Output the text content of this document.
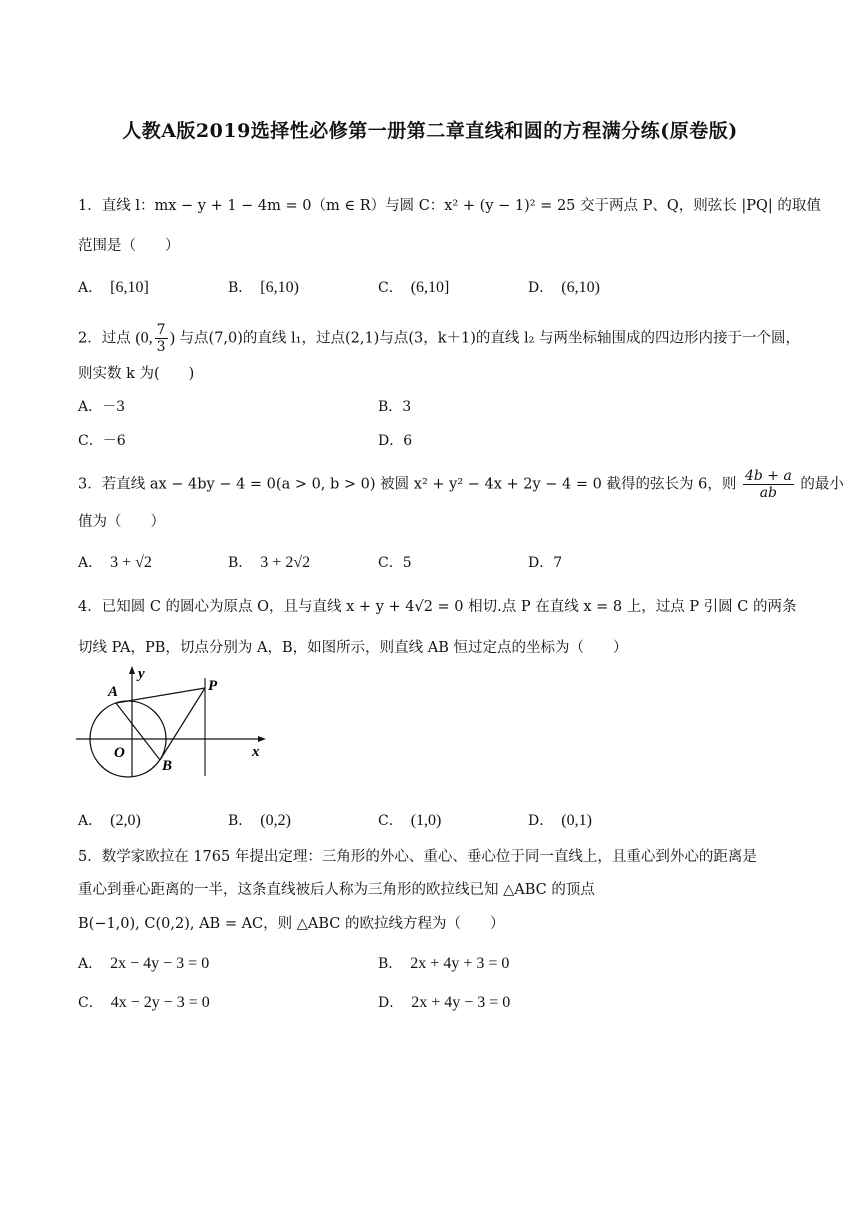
人教A版2019选择性必修第一册第二章直线和圆的方程满分练(原卷版)
1．直线 l：mx − y + 1 − 4m = 0（m ∈ R）与圆 C：x² + (y − 1)² = 25 交于两点 P、Q，则弦长 |PQ| 的取值
范围是（　　）
A． [6,10]	B． [6,10)	C． (6,10]	D． (6,10)
2．过点 (0, $\frac{7}{3}$ ) 与点(7,0)的直线 l₁，过点(2,1)与点(3，k＋1)的直线 l₂ 与两坐标轴围成的四边形内接于一个圆，
则实数 k 为(　　)
A．－3	B．3
C．－6	D．6
3．若直线 ax − 4by − 4 = 0(a > 0, b > 0) 被圆 x² + y² − 4x + 2y − 4 = 0 截得的弦长为 6，则 $\frac{4b + a}{ab}$ 的最小
值为（　　）
A． 3 + √2	B． 3 + 2√2	C．5	D．7
4．已知圆 C 的圆心为原点 O，且与直线 x + y + 4√2 = 0 相切.点 P 在直线 x = 8 上，过点 P 引圆 C 的两条
切线 PA，PB，切点分别为 A，B，如图所示，则直线 AB 恒过定点的坐标为（　　）
A
y
P
O
B
x
A． (2,0)	B． (0,2)	C． (1,0)	D． (0,1)
5．数学家欧拉在 1765 年提出定理：三角形的外心、重心、垂心位于同一直线上，且重心到外心的距离是
重心到垂心距离的一半，这条直线被后人称为三角形的欧拉线已知 △ABC 的顶点
B(−1,0), C(0,2), AB = AC，则 △ABC 的欧拉线方程为（　　）
A． 2x − 4y − 3 = 0	B． 2x + 4y + 3 = 0
C． 4x − 2y − 3 = 0	D． 2x + 4y − 3 = 0
